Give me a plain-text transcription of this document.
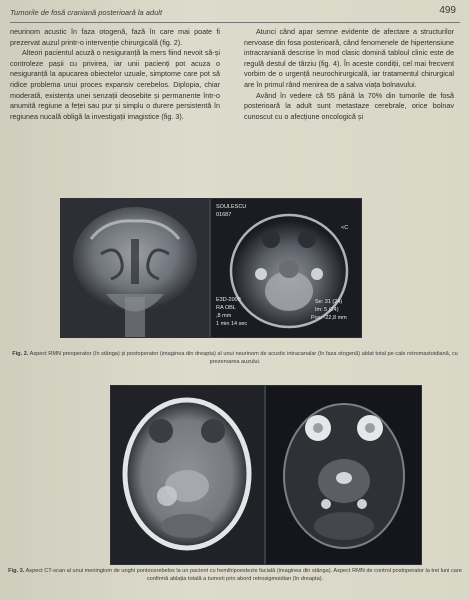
Tumorile de fosă craniană posterioară la adult	499

neurinom acustic în faza otogenă, fază în care mai poate fi prezervat auzul printr-o intervenție chirurgicală (fig. 2).

Alteori pacientul acuză o nesiguranță la mers fiind nevoit să-și controleze pașii cu privirea, iar unii pacienți pot acuza o nesiguranță la apucarea obiectelor uzuale, simptome care pot să ridice problema unui proces expansiv cerebelos. Diplopia, chiar moderată, existența unei senzații deosebite și permanente într-o anumită regiune a feței sau pur și simplu o durere persistentă în regiunea nucală obligă la investigații imagistice (fig. 3).

Atunci când apar semne evidente de afectare a structurilor nervoase din fosa posterioară, când fenomenele de hipertensiune intracraniană descrise în mod clasic domină tabloul clinic este de regulă destul de târziu (fig. 4). În aceste condiții, cel mai frecvent vorbim de o urgență neurochirurgicală, iar tratamentul chirurgical are în primul rând menirea de a salva viața bolnavului.

Având în vedere că 55 până la 70% din tumorile de fosă posterioară la adult sunt metastaze cerebrale, orice bolnav cunoscut cu o afecțiune oncologică și

SOULESCU
01687
<C
E3D-2009
RA OBL
,8 mm
1 min 14 sec
Se: 31 (24)
Im: 5 (24)
Pos: -22,8 mm
Fig. 2. Aspect RMN preoperator (în stânga) și postoperator (imaginea din dreapta) al unui neurinom de acustic intracanalar (în faza otogenă) ablat total pe cale retromastoidiană, cu prezervarea auzului.
Fig. 3. Aspect CT-scan al unui meningiom de unghi pontocerebelos la un pacient cu hemihipoestezie facială (imaginea din stânga). Aspect RMN de control postoperator la trei luni care confirmă ablația totală a tumorii prin abord retrosigmoidian (în dreapta).
